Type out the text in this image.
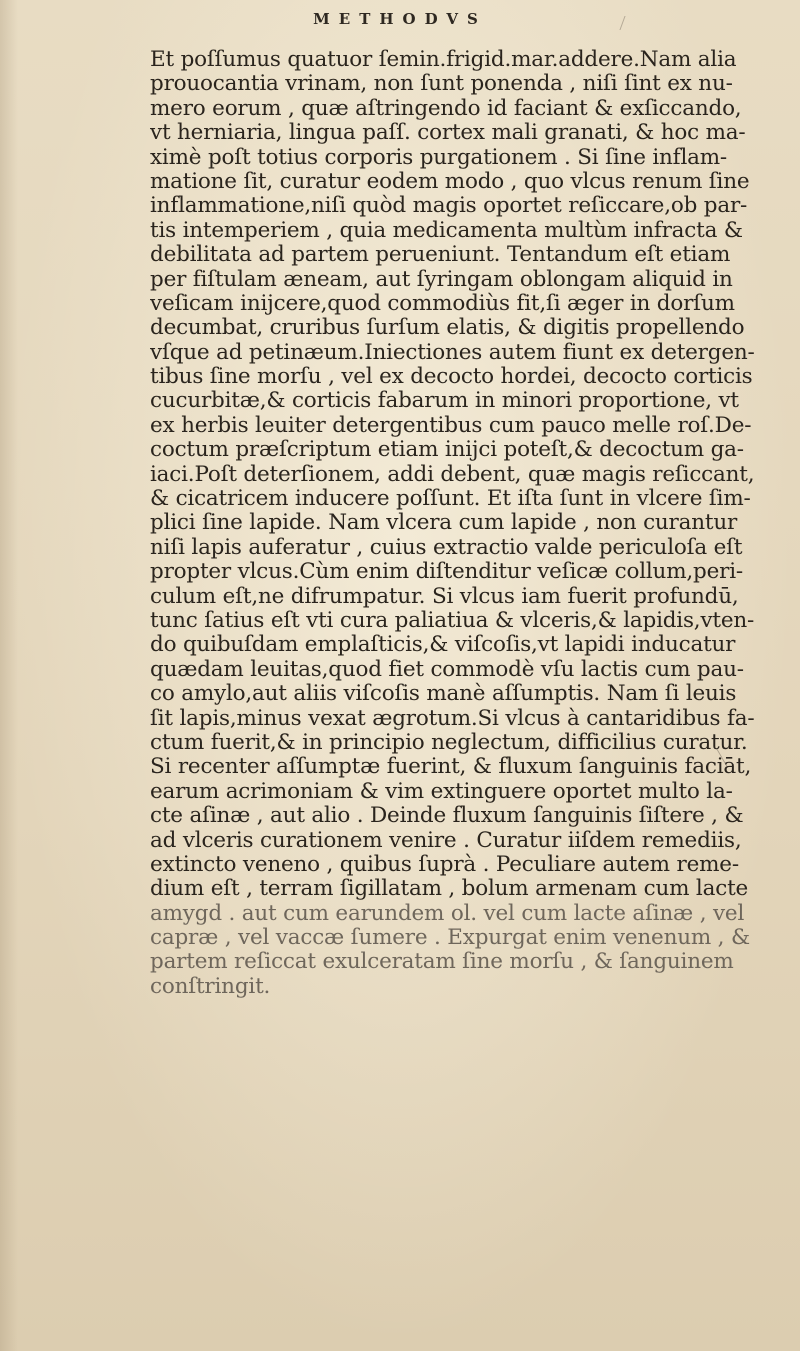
METHODVS
Et poſſumus quatuor ſemin.frigid.mar.addere.Nam alia
prouocantia vrinam, non ſunt ponenda , niſi ſint ex nu-
mero eorum , quæ aſtringendo id faciant & exſiccando,
vt herniaria, lingua paſſ. cortex mali granati, & hoc ma-
ximè poſt totius corporis purgationem . Si ſine inflam-
matione ſit, curatur eodem modo , quo vlcus renum ſine
inflammatione,niſi quòd magis oportet reſiccare,ob par-
tis intemperiem , quia medicamenta multùm infracta &
debilitata ad partem perueniunt. Tentandum eſt etiam
per fiſtulam æneam, aut ſyringam oblongam aliquid in
veſicam inijcere,quod commodiùs fit,ſi æger in dorſum
decumbat, cruribus ſurſum elatis, & digitis propellendo
vſque ad petinæum.Iniectiones autem fiunt ex detergen-
tibus ſine morſu , vel ex decocto hordei, decocto corticis
cucurbitæ,& corticis fabarum in minori proportione, vt
ex herbis leuiter detergentibus cum pauco melle roſ.De-
coctum præſcriptum etiam inijci poteſt,& decoctum ga-
iaci.Poſt deterſionem, addi debent, quæ magis reſiccant,
& cicatricem inducere poſſunt. Et iſta ſunt in vlcere ſim-
plici ſine lapide. Nam vlcera cum lapide , non curantur
niſi lapis auferatur , cuius extractio valde periculoſa eſt
propter vlcus.Cùm enim diſtenditur veſicæ collum,peri-
culum eſt,ne difrumpatur. Si vlcus iam fuerit profundū,
tunc ſatius eſt vti cura paliatiua & vlceris,& lapidis,vten-
do quibuſdam emplaſticis,& viſcoſis,vt lapidi inducatur
quædam leuitas,quod fiet commodè vſu lactis cum pau-
co amylo,aut aliis viſcoſis manè aſſumptis. Nam ſi leuis
ſit lapis,minus vexat ægrotum.Si vlcus à cantaridibus fa-
ctum fuerit,& in principio neglectum, difficilius curatur.
Si recenter aſſumptæ fuerint, & fluxum ſanguinis faciāt,
earum acrimoniam & vim extinguere oportet multo la-
cte aſinæ , aut alio . Deinde fluxum ſanguinis ſiſtere , &
ad vlceris curationem venire . Curatur iiſdem remediis,
extincto veneno , quibus ſuprà . Peculiare autem reme-
dium eſt , terram ſigillatam , bolum armenam cum lacte
amygd . aut cum earundem ol. vel cum lacte aſinæ , vel
capræ , vel vaccæ ſumere . Expurgat enim venenum , &
partem reſiccat exulceratam ſine morſu , & ſanguinem
conſtringit.
